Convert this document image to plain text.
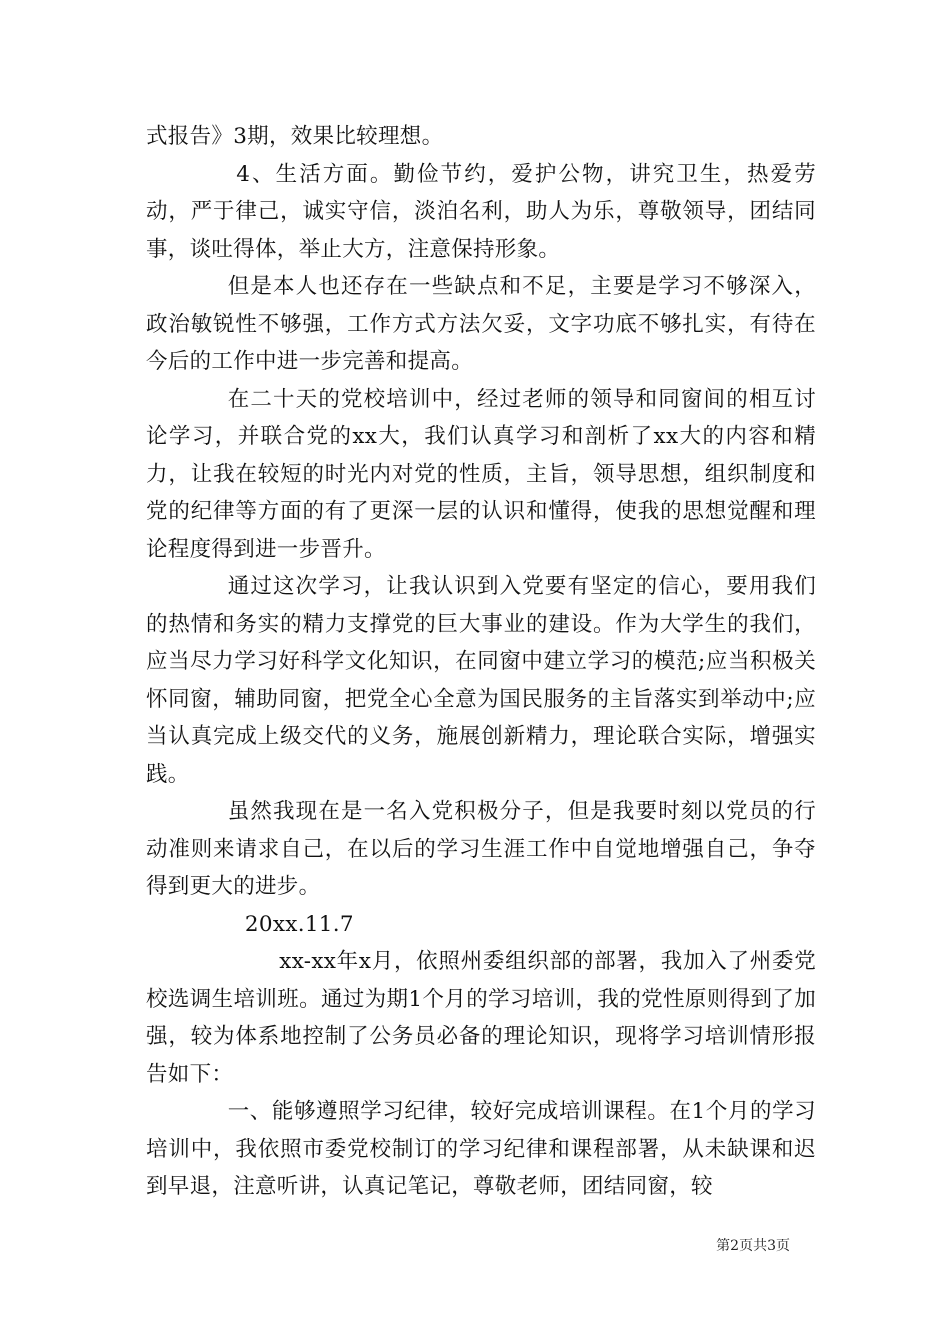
式报告》3期，效果比较理想。

4、生活方面。勤俭节约，爱护公物，讲究卫生，热爱劳动，严于律己，诚实守信，淡泊名利，助人为乐，尊敬领导，团结同事，谈吐得体，举止大方，注意保持形象。

但是本人也还存在一些缺点和不足，主要是学习不够深入，政治敏锐性不够强，工作方式方法欠妥，文字功底不够扎实，有待在今后的工作中进一步完善和提高。

在二十天的党校培训中，经过老师的领导和同窗间的相互讨论学习，并联合党的xx大，我们认真学习和剖析了xx大的内容和精力，让我在较短的时光内对党的性质，主旨，领导思想，组织制度和党的纪律等方面的有了更深一层的认识和懂得，使我的思想觉醒和理论程度得到进一步晋升。

通过这次学习，让我认识到入党要有坚定的信心，要用我们的热情和务实的精力支撑党的巨大事业的建设。作为大学生的我们，应当尽力学习好科学文化知识，在同窗中建立学习的模范;应当积极关怀同窗，辅助同窗，把党全心全意为国民服务的主旨落实到举动中;应当认真完成上级交代的义务，施展创新精力，理论联合实际，增强实践。

虽然我现在是一名入党积极分子，但是我要时刻以党员的行动准则来请求自己，在以后的学习生涯工作中自觉地增强自己，争夺得到更大的进步。

20xx.11.7

xx-xx年x月，依照州委组织部的部署，我加入了州委党校选调生培训班。通过为期1个月的学习培训，我的党性原则得到了加强，较为体系地控制了公务员必备的理论知识，现将学习培训情形报告如下：

一、能够遵照学习纪律，较好完成培训课程。在1个月的学习培训中，我依照市委党校制订的学习纪律和课程部署，从未缺课和迟到早退，注意听讲，认真记笔记，尊敬老师，团结同窗，较

第2页共3页
